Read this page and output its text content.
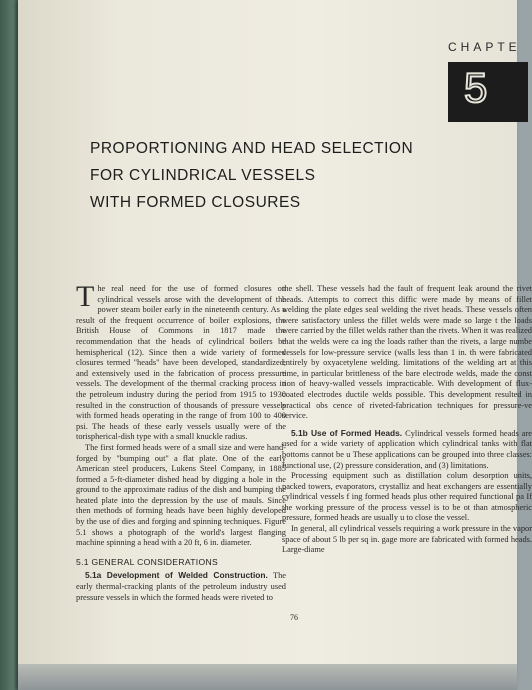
CHAPTE
5
PROPORTIONING AND HEAD SELECTION
FOR CYLINDRICAL VESSELS
WITH FORMED CLOSURES

The real need for the use of formed closures on cylindrical vessels arose with the development of the power steam boiler early in the nineteenth century. As a result of the frequent occurrence of boiler explosions, the British House of Commons in 1817 made the recommendation that the heads of cylindrical boilers be hemispherical (12). Since then a wide variety of formed closures termed "heads" have been developed, standardized, and extensively used in the fabrication of process pressure vessels. The development of the thermal cracking process in the petroleum industry during the period from 1915 to 1930 resulted in the construction of thousands of pressure vessels with formed heads operating in the range of from 100 to 400 psi. The heads of these early vessels usually were of the torispherical-dish type with a small knuckle radius.

The first formed heads were of a small size and were hand-forged by "bumping out" a flat plate. One of the early American steel producers, Lukens Steel Company, in 1885 formed a 5-ft-diameter dished head by digging a hole in the ground to the approximate radius of the dish and bumping the heated plate into the depression by the use of mauls. Since then methods of forming heads have been highly developed by the use of dies and forging and spinning techniques. Figure 5.1 shows a photograph of the world's largest flanging machine spinning a head with a 20 ft, 6 in. diameter.

5.1 GENERAL CONSIDERATIONS

5.1a Development of Welded Construction. The early thermal-cracking plants of the petroleum industry used pressure vessels in which the formed heads were riveted to

the shell. These vessels had the fault of frequent leak around the rivet heads. Attempts to correct this diffic were made by means of fillet welding the plate edges seal welding the rivet heads. These vessels often were satisfactory unless the fillet welds were made so large t the loads were carried by the fillet welds rather than the rivets. When it was realized that the welds were ca ing the loads rather than the rivets, a large numbe vessels for low-pressure service (walls less than 1 in. th were fabricated entirely by oxyacetylene welding. limitations of the welding art at this time, in particular brittleness of the bare electrode welds, made the const tion of heavy-walled vessels impracticable. With development of flux-coated electrodes ductile welds possible. This development resulted in practical obs cence of riveted-fabrication techniques for pressure-ve service.

5.1b Use of Formed Heads. Cylindrical vessels formed heads are used for a wide variety of application which cylindrical tanks with flat bottoms cannot be u These applications can be grouped into three classes: functional use, (2) pressure consideration, and (3) limitations.

Processing equipment such as distillation colum desorption units, packed towers, evaporators, crystalliz and heat exchangers are essentially cylindrical vessels f ing formed heads plus other required functional pa If the working pressure of the process vessel is to be ot than atmospheric pressure, formed heads are usually u to close the vessel.

In general, all cylindrical vessels requiring a work pressure in the vapor space of about 5 lb per sq in. gage more are fabricated with formed heads. Large-diame

76
